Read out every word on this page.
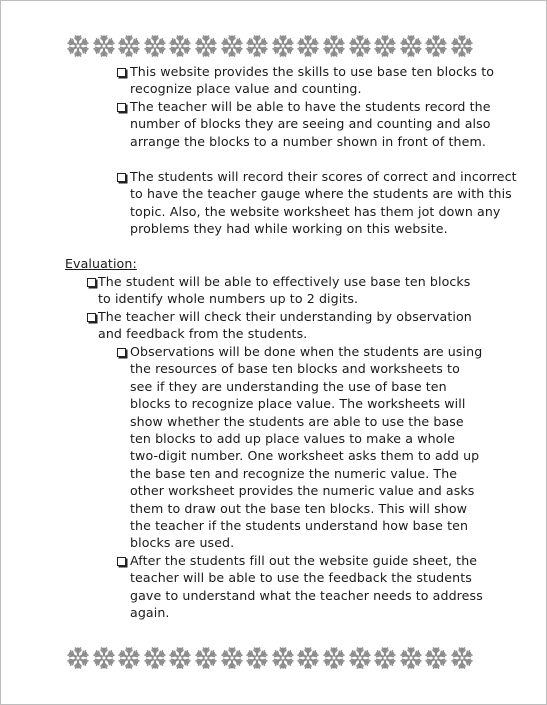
This website provides the skills to use base ten blocks to recognize place value and counting.
The teacher will be able to have the students record the number of blocks they are seeing and counting and also arrange the blocks to a number shown in front of them.
The students will record their scores of correct and incorrect to have the teacher gauge where the students are with this topic. Also, the website worksheet has them jot down any problems they had while working on this website.
Evaluation:
The student will be able to effectively use base ten blocks to identify whole numbers up to 2 digits.
The teacher will check their understanding by observation and feedback from the students.
Observations will be done when the students are using the resources of base ten blocks and worksheets to see if they are understanding the use of base ten blocks to recognize place value. The worksheets will show whether the students are able to use the base ten blocks to add up place values to make a whole two-digit number. One worksheet asks them to add up the base ten and recognize the numeric value. The other worksheet provides the numeric value and asks them to draw out the base ten blocks. This will show the teacher if the students understand how base ten blocks are used.
After the students fill out the website guide sheet, the teacher will be able to use the feedback the students gave to understand what the teacher needs to address again.
